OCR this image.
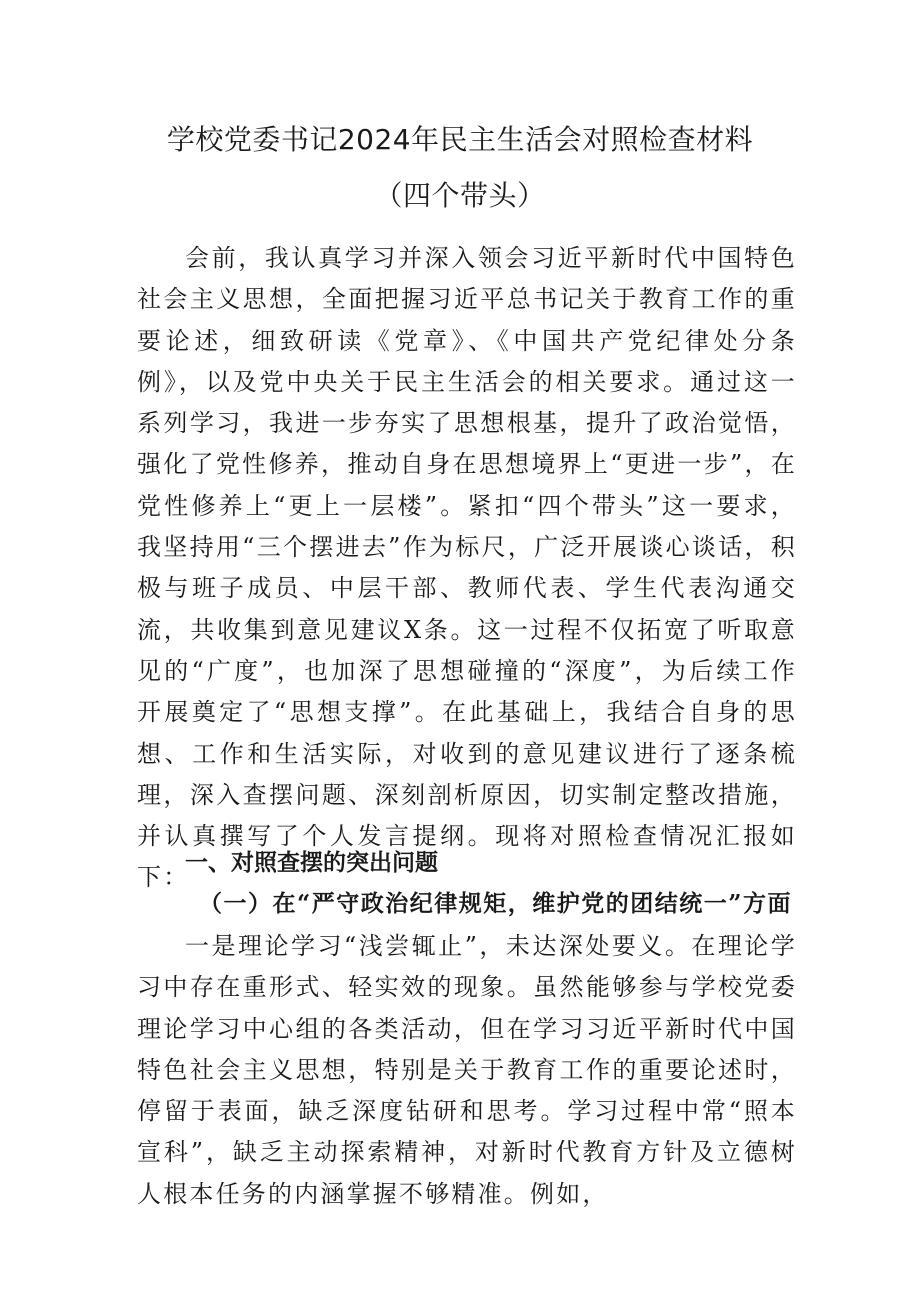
学校党委书记2024年民主生活会对照检查材料（四个带头）

会前，我认真学习并深入领会习近平新时代中国特色社会主义思想，全面把握习近平总书记关于教育工作的重要论述，细致研读《党章》、《中国共产党纪律处分条例》，以及党中央关于民主生活会的相关要求。通过这一系列学习，我进一步夯实了思想根基，提升了政治觉悟，强化了党性修养，推动自身在思想境界上“更进一步”，在党性修养上“更上一层楼”。紧扣“四个带头”这一要求，我坚持用“三个摆进去”作为标尺，广泛开展谈心谈话，积极与班子成员、中层干部、教师代表、学生代表沟通交流，共收集到意见建议X条。这一过程不仅拓宽了听取意见的“广度”，也加深了思想碰撞的“深度”，为后续工作开展奠定了“思想支撑”。在此基础上，我结合自身的思想、工作和生活实际，对收到的意见建议进行了逐条梳理，深入查摆问题、深刻剖析原因，切实制定整改措施，并认真撰写了个人发言提纲。现将对照检查情况汇报如下：

一、对照查摆的突出问题
（一）在“严守政治纪律规矩，维护党的团结统一”方面

一是理论学习“浅尝辄止”，未达深处要义。在理论学习中存在重形式、轻实效的现象。虽然能够参与学校党委理论学习中心组的各类活动，但在学习习近平新时代中国特色社会主义思想，特别是关于教育工作的重要论述时，停留于表面，缺乏深度钻研和思考。学习过程中常“照本宣科”，缺乏主动探索精神，对新时代教育方针及立德树人根本任务的内涵掌握不够精准。例如，
